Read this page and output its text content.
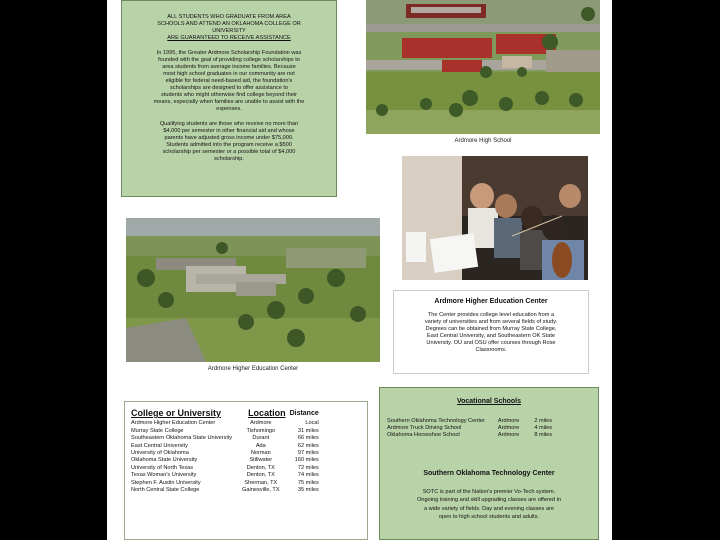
ALL STUDENTS WHO GRADUATE FROM AREA
SCHOOLS AND ATTEND AN OKLAHOMA COLLEGE OR
UNIVERSITY
ARE GUARANTEED TO RECEIVE ASSISTANCE
In 1995, the Greater Ardmore Scholarship Foundation was
founded with the goal of providing college scholarships to
area students from average income families. Because
most high school graduates in our community are not
eligible for federal need-based aid, the foundation's
scholarships are designed to offer assistance to
students who might otherwise find college beyond their
means, especially when families are unable to assist with the
expenses.
Qualifying students are those who receive no more than
$4,000 per semester in other financial aid and whose
parents have adjusted gross income under $75,000.
Students admitted into the program receive a $500
scholarship per semester or a possible total of $4,000
scholarship.
Ardmore High School
Ardmore Higher Education Center
Ardmore Higher Education Center
The Center provides college level education from a
variety of universities and from several fields of study.
Degrees can be obtained from Murray State College,
East Central University, and Southeastern OK State
University. OU and OSU offer courses through Rose
Classrooms.
College or University	Location	Distance
Ardmore Higher Education Center	Ardmore	Local
Murray State College	Tishomingo	31 miles
Southeastern Oklahoma State University	Durant	66 miles
East Central University	Ada	62 miles
University of Oklahoma	Norman	97 miles
Oklahoma State University	Stillwater	160 miles
University of North Texas	Denton, TX	72 miles
Texas Woman's University	Denton, TX	74 miles
Stephen F. Austin University	Sherman, TX	75 miles
North Central State College	Gainesville, TX	35 miles
Vocational Schools
Southern Oklahoma Technology Center	Ardmore	2 miles
Ardmore Truck Driving School	Ardmore	4 miles
Oklahoma Horseshoe School	Ardmore	8 miles
Southern Oklahoma Technology Center
SOTC is part of the Nation's premier Vo-Tech system.
Ongoing training and skill upgrading classes are offered in
a wide variety of fields. Day and evening classes are
open to high school students and adults.
